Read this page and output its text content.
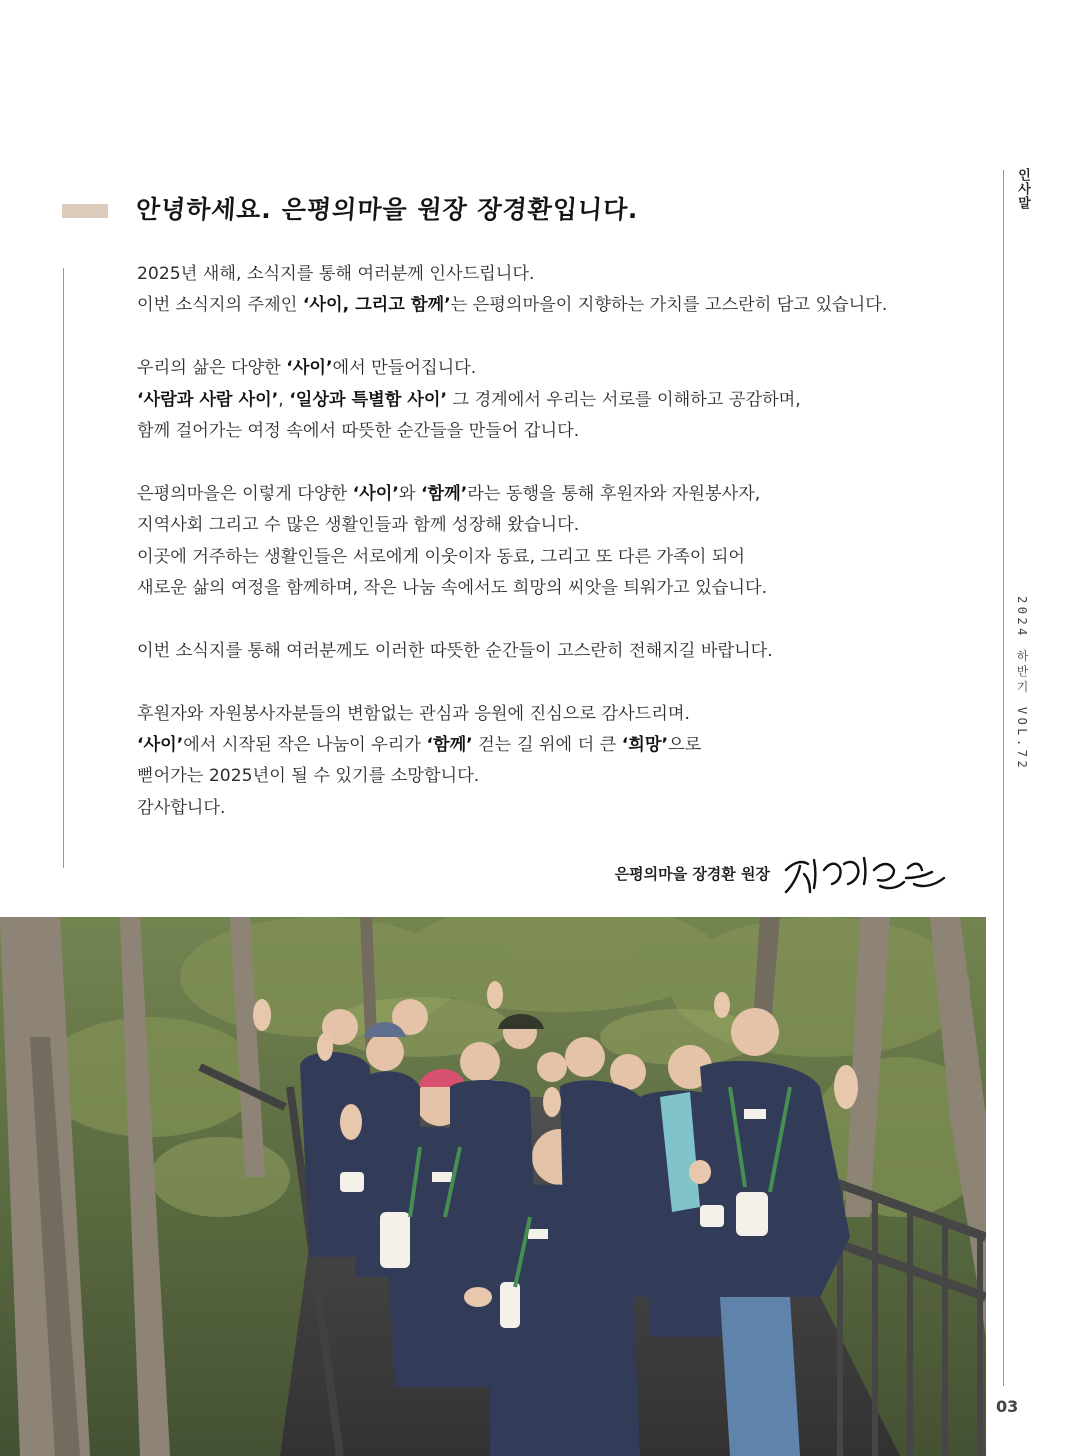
안녕하세요. 은평의마을 원장 장경환입니다.

2025년 새해, 소식지를 통해 여러분께 인사드립니다.
이번 소식지의 주제인 ‘사이, 그리고 함께’는 은평의마을이 지향하는 가치를 고스란히 담고 있습니다.

우리의 삶은 다양한 ‘사이’에서 만들어집니다.
‘사람과 사람 사이’, ‘일상과 특별함 사이’ 그 경계에서 우리는 서로를 이해하고 공감하며,
함께 걸어가는 여정 속에서 따뜻한 순간들을 만들어 갑니다.

은평의마을은 이렇게 다양한 ‘사이’와 ‘함께’라는 동행을 통해 후원자와 자원봉사자,
지역사회 그리고 수 많은 생활인들과 함께 성장해 왔습니다.
이곳에 거주하는 생활인들은 서로에게 이웃이자 동료, 그리고 또 다른 가족이 되어
새로운 삶의 여정을 함께하며, 작은 나눔 속에서도 희망의 씨앗을 틔워가고 있습니다.

이번 소식지를 통해 여러분께도 이러한 따뜻한 순간들이 고스란히 전해지길 바랍니다.

후원자와 자원봉사자분들의 변함없는 관심과 응원에 진심으로 감사드리며.
‘사이’에서 시작된 작은 나눔이 우리가 ‘함께’ 걷는 길 위에 더 큰 ‘희망’으로
뻗어가는 2025년이 될 수 있기를 소망합니다.
감사합니다.

은평의마을 장경환 원장
인사말
2024 하반기 VOL.72
03
